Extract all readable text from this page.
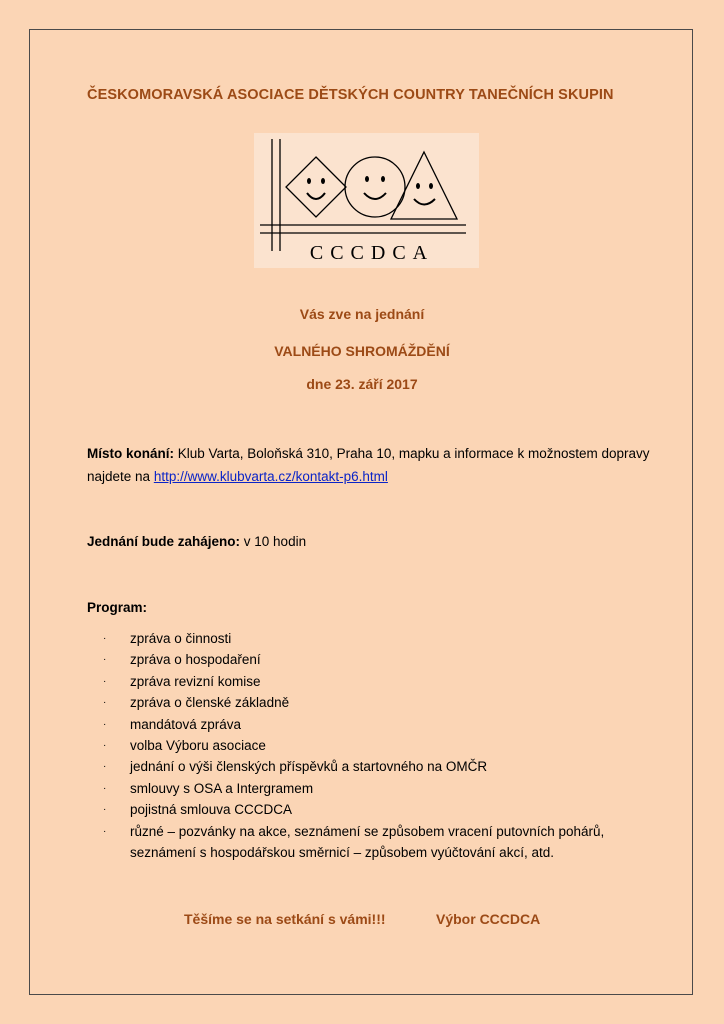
ČESKOMORAVSKÁ ASOCIACE DĚTSKÝCH COUNTRY TANEČNÍCH SKUPIN
CCCDCA
Vás zve na jednání
VALNÉHO SHROMÁŽDĚNÍ
dne 23. září 2017
Místo konání: Klub Varta, Boloňská 310, Praha 10, mapku a informace k možnostem dopravy najdete na http://www.klubvarta.cz/kontakt-p6.html
Jednání bude zahájeno: v 10 hodin
Program:
· zpráva o činnosti
· zpráva o hospodaření
· zpráva revizní komise
· zpráva o členské základně
· mandátová zpráva
· volba Výboru asociace
· jednání o výši členských příspěvků a startovného na OMČR
· smlouvy s OSA a Intergramem
· pojistná smlouva CCCDCA
· různé – pozvánky na akce, seznámení se způsobem vracení putovních pohárů, seznámení s hospodářskou směrnicí – způsobem vyúčtování akcí, atd.
Těšíme se na setkání s vámi!!!	Výbor CCCDCA
